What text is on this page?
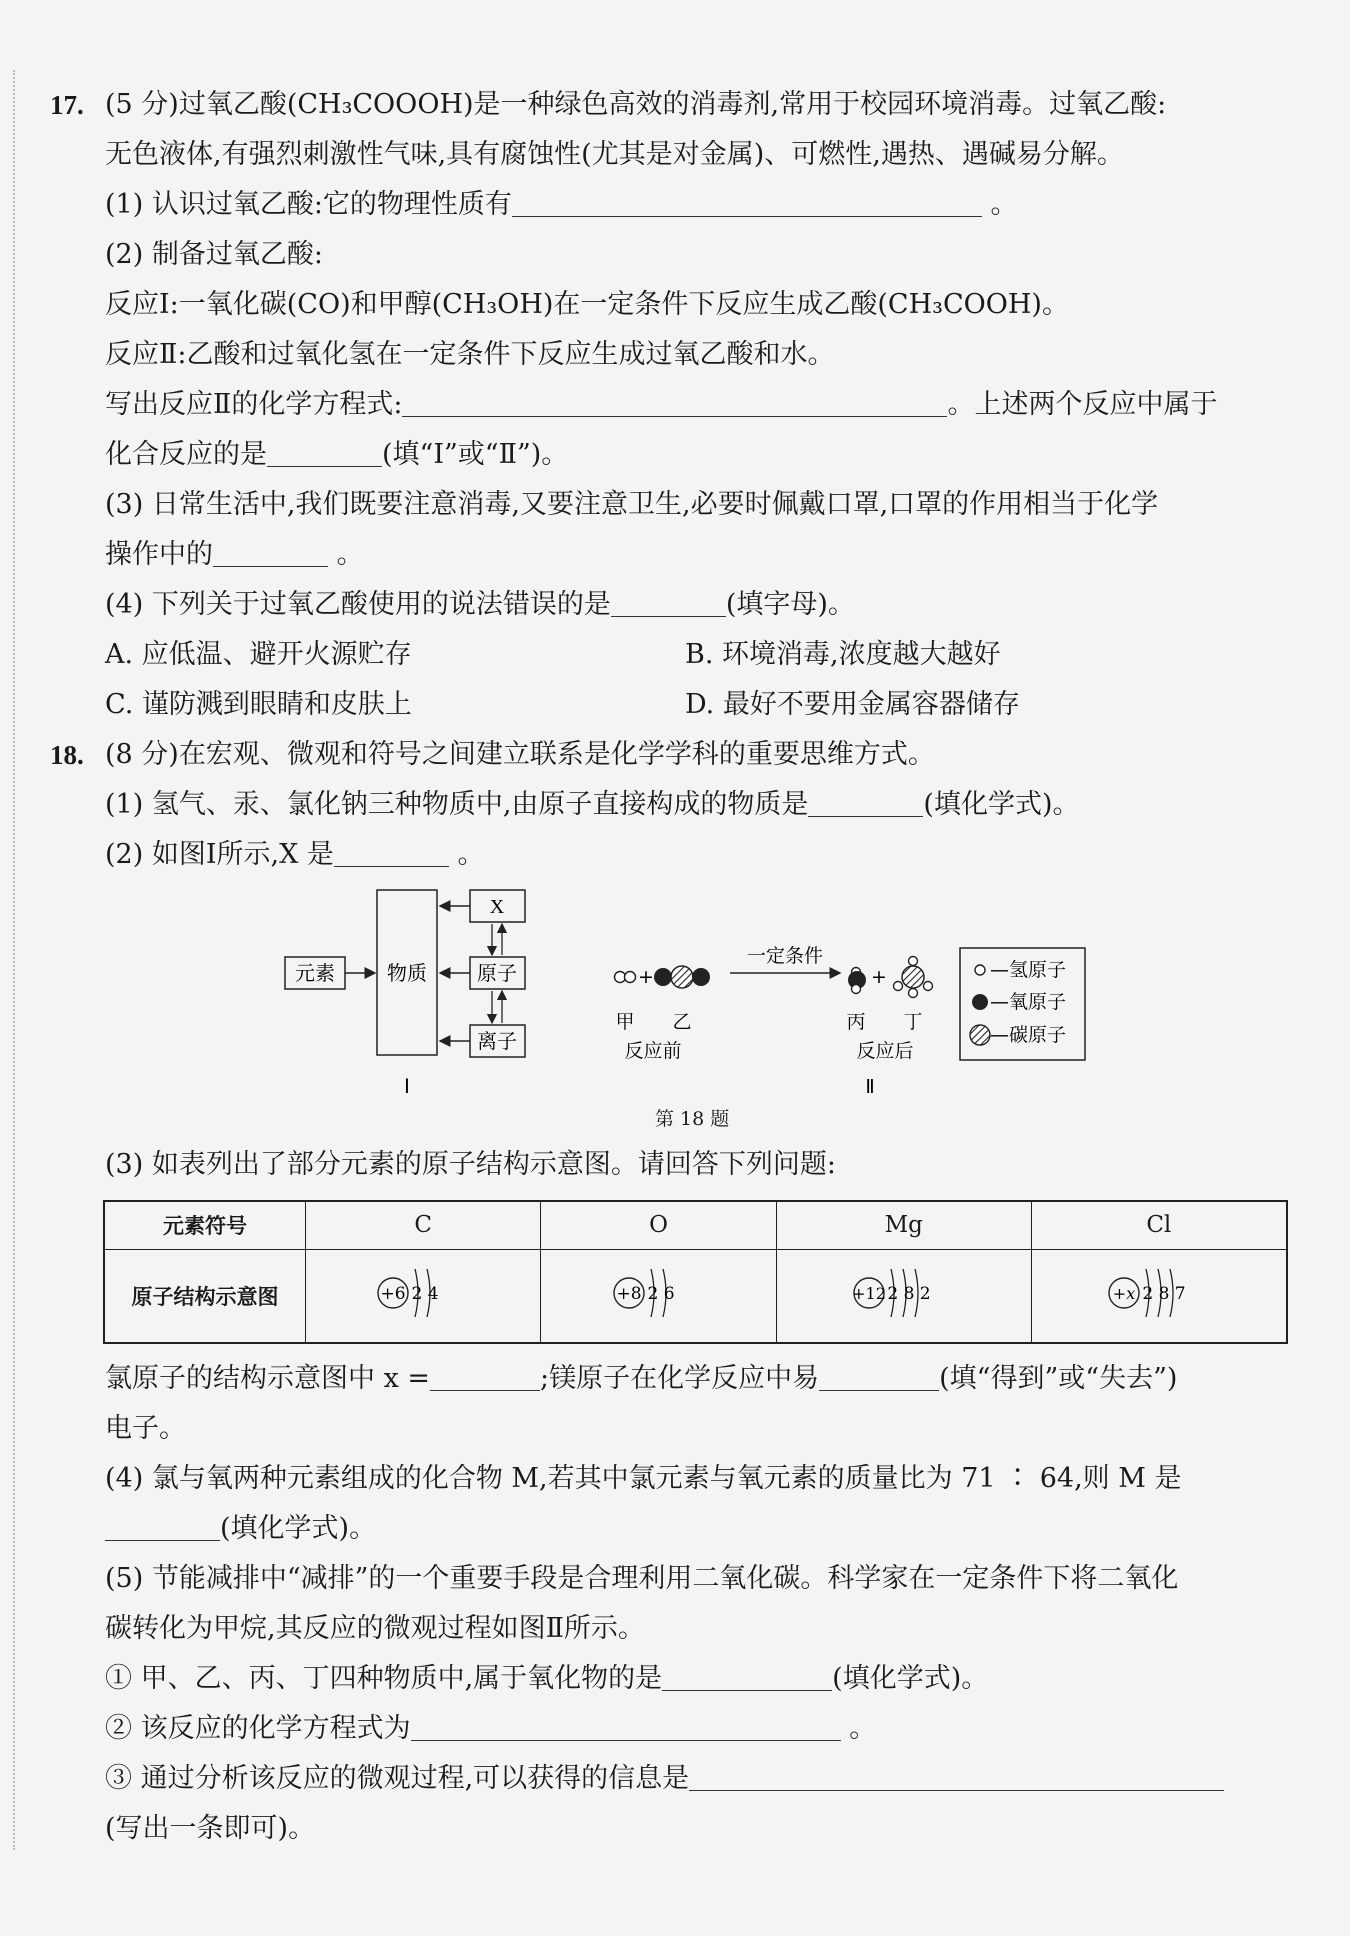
17. (5 分)过氧乙酸(CH₃COOOH)是一种绿色高效的消毒剂,常用于校园环境消毒。过氧乙酸:
无色液体,有强烈刺激性气味,具有腐蚀性(尤其是对金属)、可燃性,遇热、遇碱易分解。
(1) 认识过氧乙酸:它的物理性质有	。
(2) 制备过氧乙酸:
反应Ⅰ:一氧化碳(CO)和甲醇(CH₃OH)在一定条件下反应生成乙酸(CH₃COOH)。
反应Ⅱ:乙酸和过氧化氢在一定条件下反应生成过氧乙酸和水。
写出反应Ⅱ的化学方程式:	。上述两个反应中属于
化合反应的是	(填“Ⅰ”或“Ⅱ”)。
(3) 日常生活中,我们既要注意消毒,又要注意卫生,必要时佩戴口罩,口罩的作用相当于化学
操作中的	。
(4) 下列关于过氧乙酸使用的说法错误的是	(填字母)。
A. 应低温、避开火源贮存	B. 环境消毒,浓度越大越好
C. 谨防溅到眼睛和皮肤上	D. 最好不要用金属容器储存
18. (8 分)在宏观、微观和符号之间建立联系是化学学科的重要思维方式。
(1) 氢气、汞、氯化钠三种物质中,由原子直接构成的物质是	(填化学式)。
(2) 如图Ⅰ所示,X 是	。
元素	物质
X
原子
离子
Ⅰ
+
一定条件
+
甲 乙	丙 丁
反应前	反应后
Ⅱ
—氢原子
—氧原子
—碳原子
第 18 题
(3) 如表列出了部分元素的原子结构示意图。请回答下列问题:
元素符号	C	O	Mg	Cl
原子结构示意图	+6 2 4	+8 2 6	+12 2 8 2	+x 2 8 7
氯原子的结构示意图中 x =	;镁原子在化学反应中易	(填“得到”或“失去”)
电子。
(4) 氯与氧两种元素组成的化合物 M,若其中氯元素与氧元素的质量比为 71 ∶ 64,则 M 是
(填化学式)。
(5) 节能减排中“减排”的一个重要手段是合理利用二氧化碳。科学家在一定条件下将二氧化
碳转化为甲烷,其反应的微观过程如图Ⅱ所示。
① 甲、乙、丙、丁四种物质中,属于氧化物的是	(填化学式)。
② 该反应的化学方程式为	。
③ 通过分析该反应的微观过程,可以获得的信息是
(写出一条即可)。
